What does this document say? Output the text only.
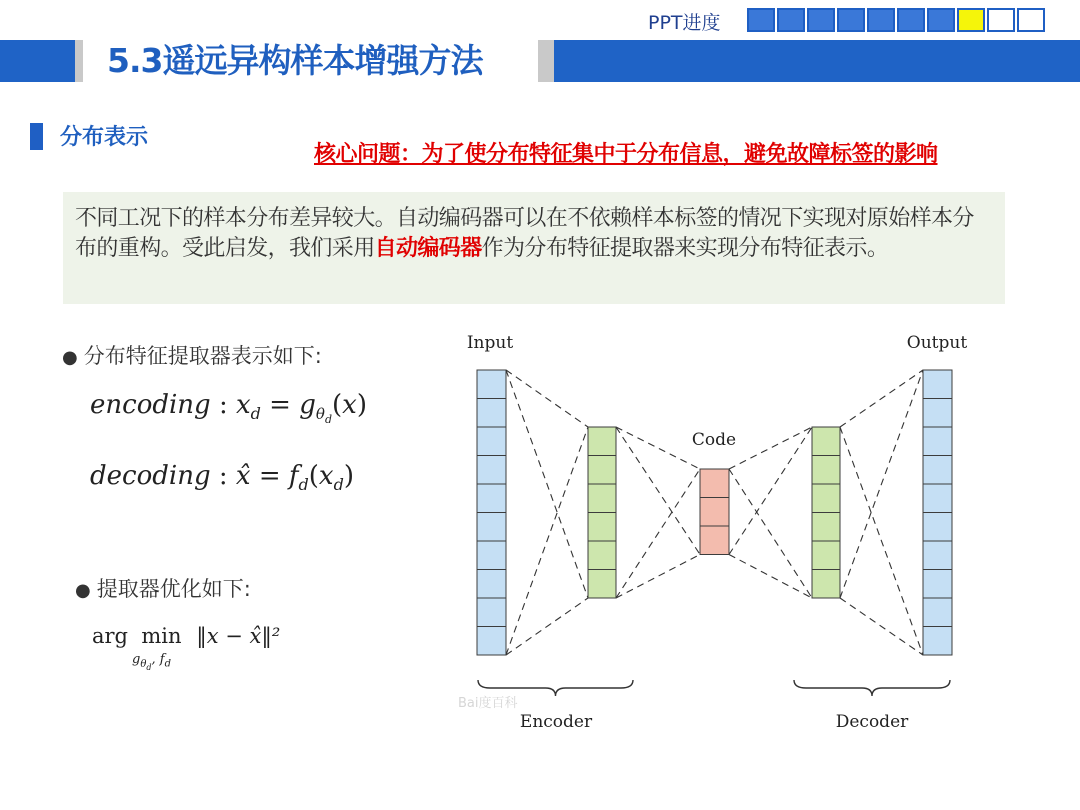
PPT进度
5.3遥远异构样本增强方法
分布表示
核心问题：为了使分布特征集中于分布信息，避免故障标签的影响
不同工况下的样本分布差异较大。自动编码器可以在不依赖样本标签的情况下实现对原始样本分布的重构。受此启发，我们采用自动编码器作为分布特征提取器来实现分布特征表示。
● 分布特征提取器表示如下:
encoding : $x_d = g_{\theta_d}(x)$
decoding : x̂ = $f_d(x_d)$
● 提取器优化如下:
arg  min ‖x − x̂‖²
$g_{\theta_d}$, $f_d$
Input	Output
Code
Encoder	Decoder
Bai度百科
